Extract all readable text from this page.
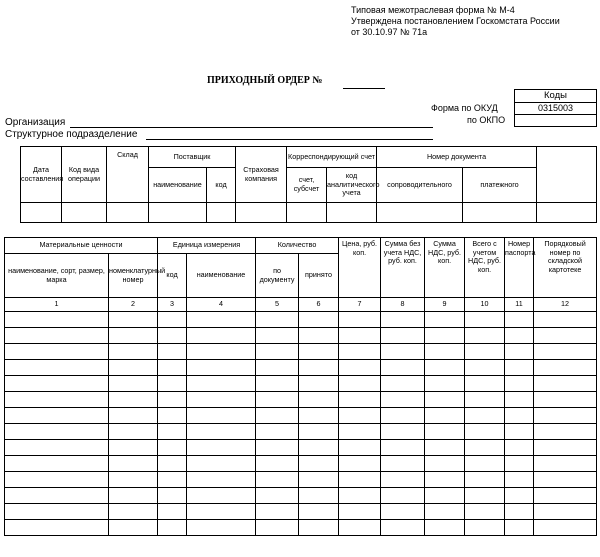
Типовая межотраслевая форма № М-4
Утверждена постановлением Госкомстата России
от 30.10.97 № 71а
ПРИХОДНЫЙ ОРДЕР №
Коды
0315003
Форма по ОКУД
по ОКПО
Организация
Структурное подразделение
Дата составления	Код вида операции	Склад	Поставщик		Страховая компания	Корреспондирующий счет		Номер документа		
			наименование	код		счет, субсчет	код аналитического учета	сопроводительного	платежного	

Материальные ценности		Единица измерения		Количество		Цена, руб. коп.	Сумма без учета НДС, руб. коп.	Сумма НДС, руб. коп.	Всего с учетом НДС, руб. коп.	Номер паспорта	Порядковый номер по складской картотеке
наименование, сорт, размер, марка	номенклатурный номер	код	наименование	по документу	принято						
1	2	3	4	5	6	7	8	9	10	11	12
